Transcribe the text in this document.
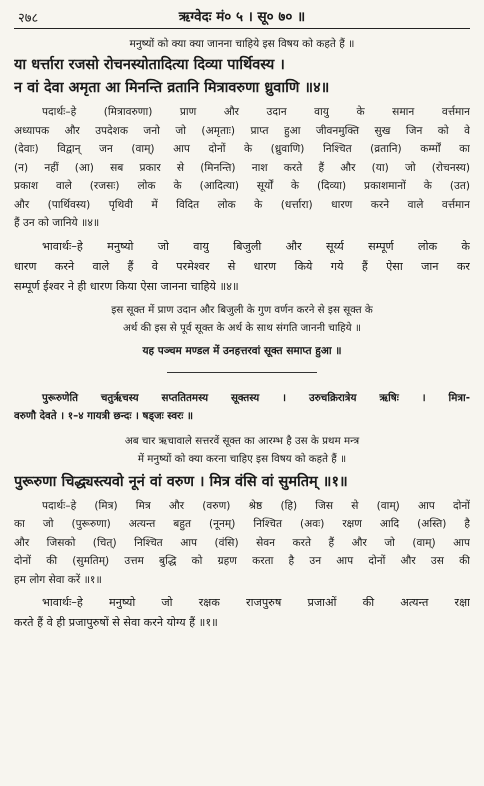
२७८	ऋग्वेदः मं० ५ । सू० ७० ॥
मनुष्यों को क्या क्या जानना चाहिये इस विषय को कहते हैं ॥
या धर्त्तारा रजसो रोचनस्योतादित्या दिव्या पार्थिवस्य ।
न वां देवा अमृता आ मिनन्ति व्रतानि मित्रावरुणा ध्रुवाणि ॥४॥
पदार्थः–हे (मित्रावरुणा) प्राण और उदान वायु के समान वर्त्तमान
अध्यापक और उपदेशक जनो जो (अमृताः) प्राप्त हुआ जीवनमुक्ति सुख जिन को वे
(देवाः) विद्वान् जन (वाम्) आप दोनों के (ध्रुवाणि) निश्चित (व्रतानि) कर्म्मों का
(न) नहीं (आ) सब प्रकार से (मिनन्ति) नाश करते हैं और (या) जो (रोचनस्य)
प्रकाश वाले (रजसः) लोक के (आदित्या) सूर्यों के (दिव्या) प्रकाशमानों के (उत)
और (पार्थिवस्य) पृथिवी में विदित लोक के (धर्त्तारा) धारण करने वाले वर्त्तमान
हैं उन को जानिये ॥४॥
भावार्थः–हे मनुष्यो जो वायु बिजुली और सूर्य्य सम्पूर्ण लोक के
धारण करने वाले हैं वे परमेश्वर से धारण किये गये हैं ऐसा जान कर
सम्पूर्ण ईश्वर ने ही धारण किया ऐसा जानना चाहिये ॥४॥
इस सूक्त में प्राण उदान और बिजुली के गुण वर्णन करने से इस सूक्त के
अर्थ की इस से पूर्व सूक्त के अर्थ के साथ संगति जाननी चाहिये ॥
यह पञ्चम मण्डल में उनहत्तरवां सूक्त समाप्त हुआ ॥
पुरूरुणेति चतुर्ऋचस्य सप्ततितमस्य सूक्तस्य । उरुचक्रिरात्रेय ऋषिः । मित्रा-
वरुणौ देवते । १–४ गायत्री छन्दः । षड्जः स्वरः ॥
अब चार ऋचावाले सत्तरवें सूक्त का आरम्भ है उस के प्रथम मन्त्र
में मनुष्यों को क्या करना चाहिए इस विषय को कहते हैं ॥
पुरूरुणा चिद्ध्यस्त्यवो नूनं वां वरुण । मित्र वंसि वां सुमतिम् ॥१॥
पदार्थः–हे (मित्र) मित्र और (वरुण) श्रेष्ठ (हि) जिस से (वाम्) आप दोनों
का जो (पुरूरुणा) अत्यन्त बहुत (नूनम्) निश्चित (अवः) रक्षण आदि (अस्ति) है
और जिसको (चित्) निश्चित आप (वंसि) सेवन करते हैं और जो (वाम्) आप
दोनों की (सुमतिम्) उत्तम बुद्धि को ग्रहण करता है उन आप दोनों और उस की
हम लोग सेवा करें ॥१॥
भावार्थः–हे मनुष्यो जो रक्षक राजपुरुष प्रजाओं की अत्यन्त रक्षा
करते हैं वे ही प्रजापुरुषों से सेवा करने योग्य हैं ॥१॥
